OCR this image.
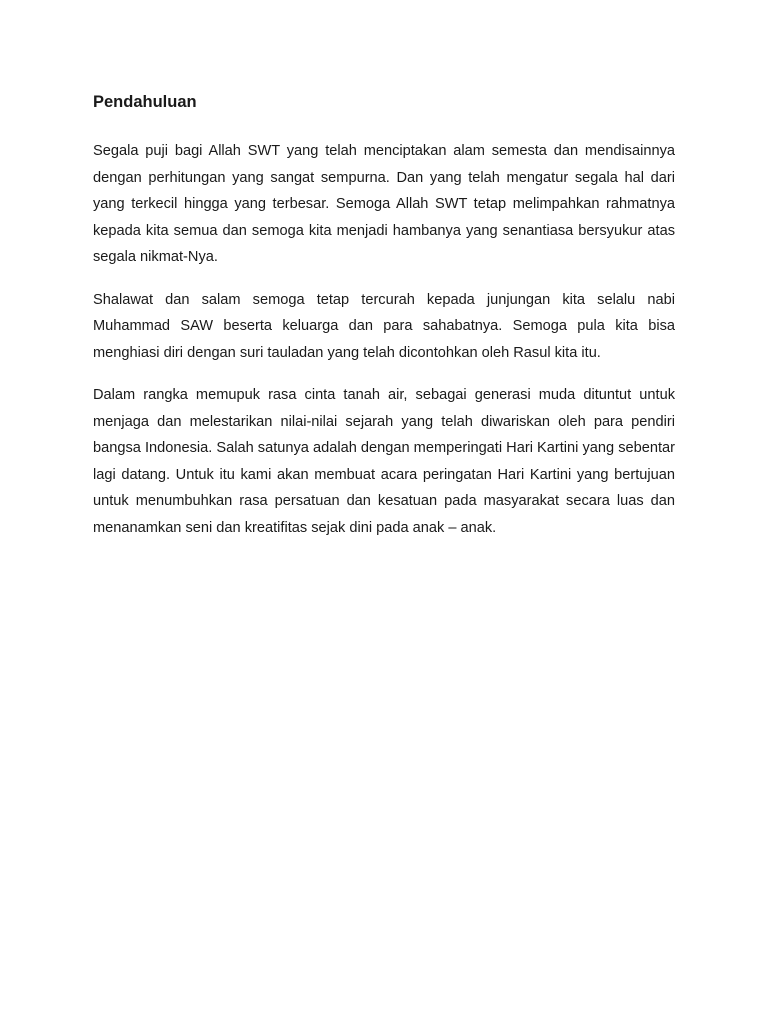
Pendahuluan

Segala puji bagi Allah SWT yang telah menciptakan alam semesta dan mendisainnya dengan perhitungan yang sangat sempurna. Dan yang telah mengatur segala hal dari yang terkecil hingga yang terbesar. Semoga Allah SWT tetap melimpahkan rahmatnya kepada kita semua dan semoga kita menjadi hambanya yang senantiasa bersyukur atas segala nikmat-Nya.

Shalawat dan salam semoga tetap tercurah kepada junjungan kita selalu nabi Muhammad SAW beserta keluarga dan para sahabatnya. Semoga pula kita bisa menghiasi diri dengan suri tauladan yang telah dicontohkan oleh Rasul kita itu.

Dalam rangka memupuk rasa cinta tanah air, sebagai generasi muda dituntut untuk menjaga dan melestarikan nilai-nilai sejarah yang telah diwariskan oleh para pendiri bangsa Indonesia. Salah satunya adalah dengan memperingati Hari Kartini yang sebentar lagi datang. Untuk itu kami akan membuat acara peringatan Hari Kartini yang bertujuan untuk menumbuhkan rasa persatuan dan kesatuan pada masyarakat secara luas dan menanamkan seni dan kreatifitas sejak dini pada anak – anak.
